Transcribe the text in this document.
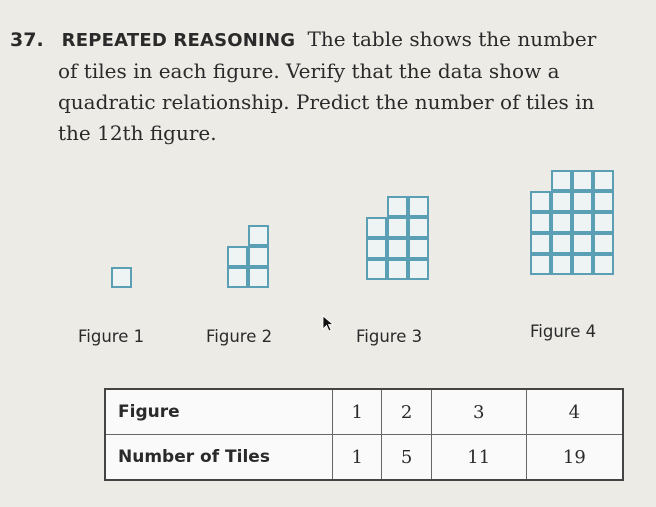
37. REPEATED REASONING The table shows the number
of tiles in each figure. Verify that the data show a
quadratic relationship. Predict the number of tiles in
the 12th figure.
Figure 1	Figure 2	Figure 3	Figure 4
Figure	1	2	3	4
Number of Tiles	1	5	11	19
